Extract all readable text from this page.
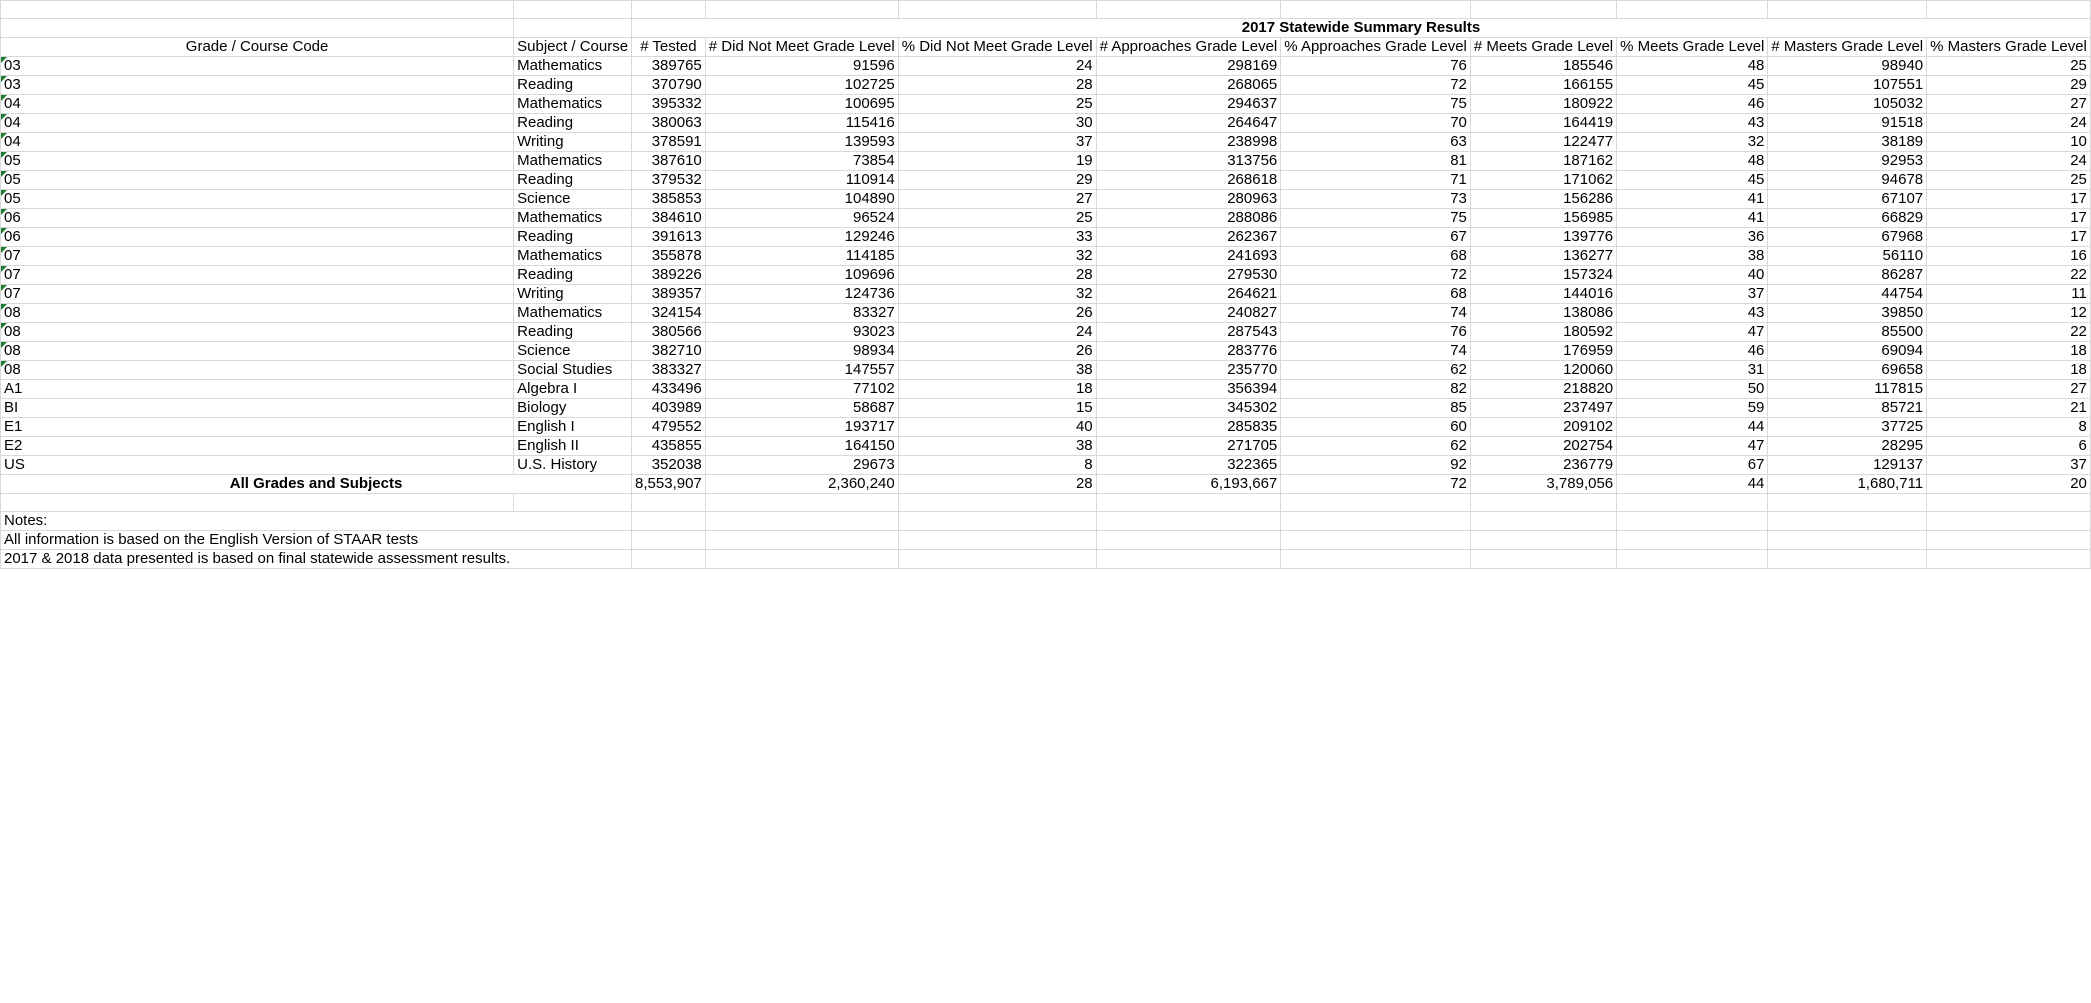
		2017 Statewide Summary Results								
Grade / Course Code	Subject / Course	# Tested	# Did Not Meet Grade Level	% Did Not Meet Grade Level	# Approaches Grade Level	% Approaches Grade Level	# Meets Grade Level	% Meets Grade Level	# Masters Grade Level	% Masters Grade Level
03	Mathematics	389765	91596	24	298169	76	185546	48	98940	25
03	Reading	370790	102725	28	268065	72	166155	45	107551	29
04	Mathematics	395332	100695	25	294637	75	180922	46	105032	27
04	Reading	380063	115416	30	264647	70	164419	43	91518	24
04	Writing	378591	139593	37	238998	63	122477	32	38189	10
05	Mathematics	387610	73854	19	313756	81	187162	48	92953	24
05	Reading	379532	110914	29	268618	71	171062	45	94678	25
05	Science	385853	104890	27	280963	73	156286	41	67107	17
06	Mathematics	384610	96524	25	288086	75	156985	41	66829	17
06	Reading	391613	129246	33	262367	67	139776	36	67968	17
07	Mathematics	355878	114185	32	241693	68	136277	38	56110	16
07	Reading	389226	109696	28	279530	72	157324	40	86287	22
07	Writing	389357	124736	32	264621	68	144016	37	44754	11
08	Mathematics	324154	83327	26	240827	74	138086	43	39850	12
08	Reading	380566	93023	24	287543	76	180592	47	85500	22
08	Science	382710	98934	26	283776	74	176959	46	69094	18
08	Social Studies	383327	147557	38	235770	62	120060	31	69658	18
A1	Algebra I	433496	77102	18	356394	82	218820	50	117815	27
BI	Biology	403989	58687	15	345302	85	237497	59	85721	21
E1	English I	479552	193717	40	285835	60	209102	44	37725	8
E2	English II	435855	164150	38	271705	62	202754	47	28295	6
US	U.S. History	352038	29673	8	322365	92	236779	67	129137	37
All Grades and Subjects		8,553,907	2,360,240	28	6,193,667	72	3,789,056	44	1,680,711	20

Notes:										
All information is based on the English Version of STAAR tests										
2017 & 2018 data presented is based on final statewide assessment results.										
